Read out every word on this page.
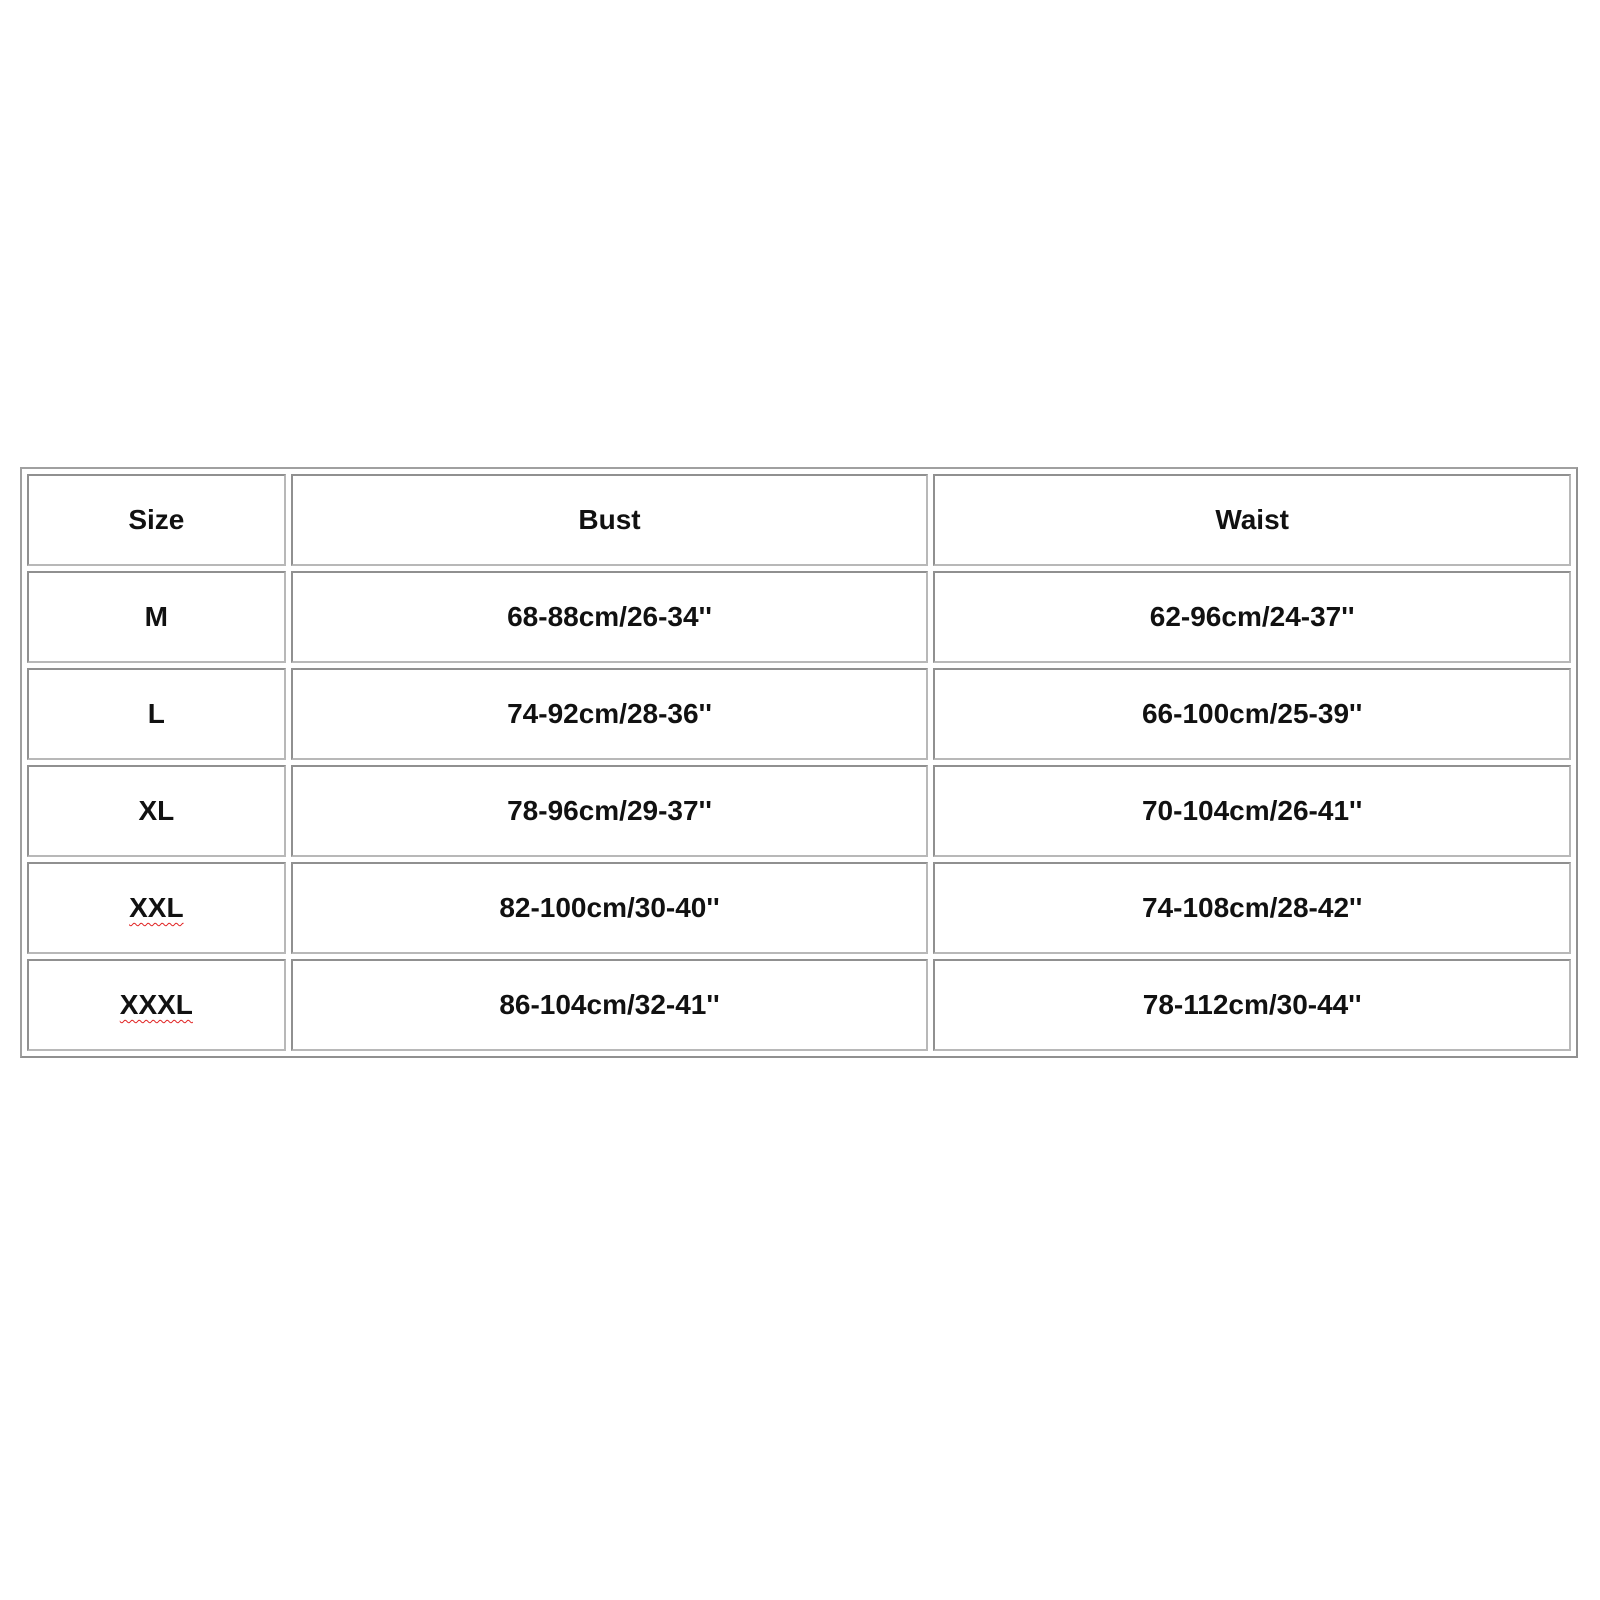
Size	Bust	Waist
M	68-88cm/26-34''	62-96cm/24-37''
L	74-92cm/28-36''	66-100cm/25-39''
XL	78-96cm/29-37''	70-104cm/26-41''
XXL	82-100cm/30-40''	74-108cm/28-42''
XXXL	86-104cm/32-41''	78-112cm/30-44''
